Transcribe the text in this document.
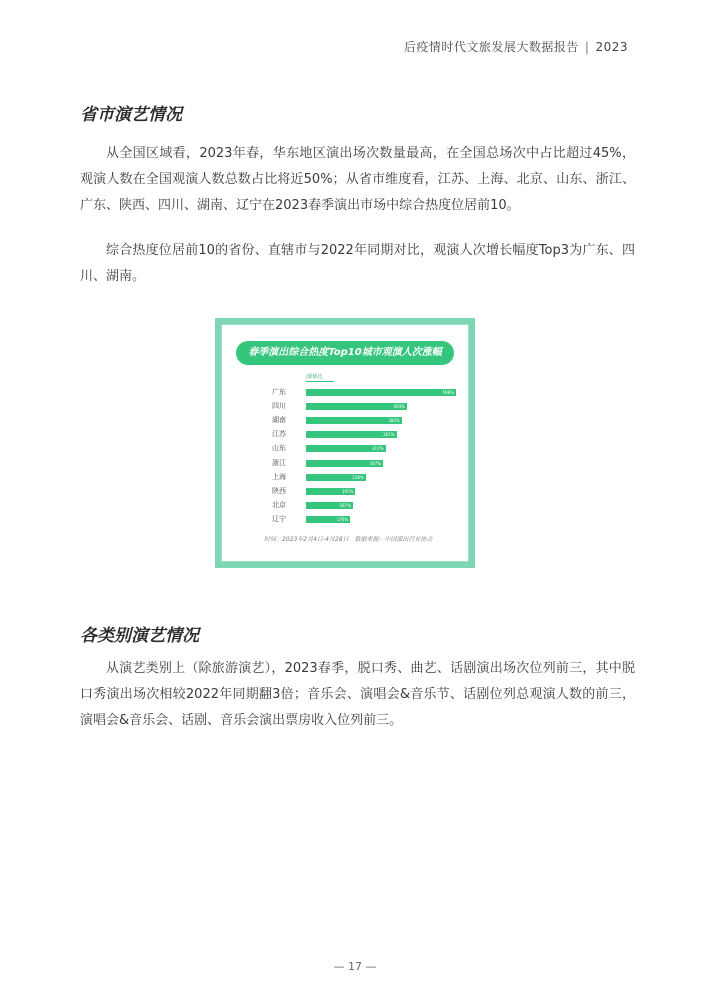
后疫情时代文旅发展大数据报告 | 2023
省市演艺情况

从全国区域看，2023年春，华东地区演出场次数量最高，在全国总场次中占比超过45%，观演人数在全国观演人数总数占比将近50%；从省市维度看，江苏、上海、北京、山东、浙江、广东、陕西、四川、湖南、辽宁在2023春季演出市场中综合热度位居前10。

综合热度位居前10的省份、直辖市与2022年同期对比，观演人次增长幅度Top3为广东、四川、湖南。

春季演出综合热度Top10城市观演人次涨幅
/涨幅比
广东	598%
四川	403%
湖南	382%
江苏	361%
山东	317%
浙江	307%
上海	238%
陕西	197%
北京	187%
辽宁	176%
时间：2023年2月4日-4月28日 数据来源：中国演出行业协会
各类别演艺情况

从演艺类别上（除旅游演艺），2023春季，脱口秀、曲艺、话剧演出场次位列前三，其中脱口秀演出场次相较2022年同期翻3倍；音乐会、演唱会&音乐节、话剧位列总观演人数的前三，演唱会&音乐会、话剧、音乐会演出票房收入位列前三。

— 17 —
